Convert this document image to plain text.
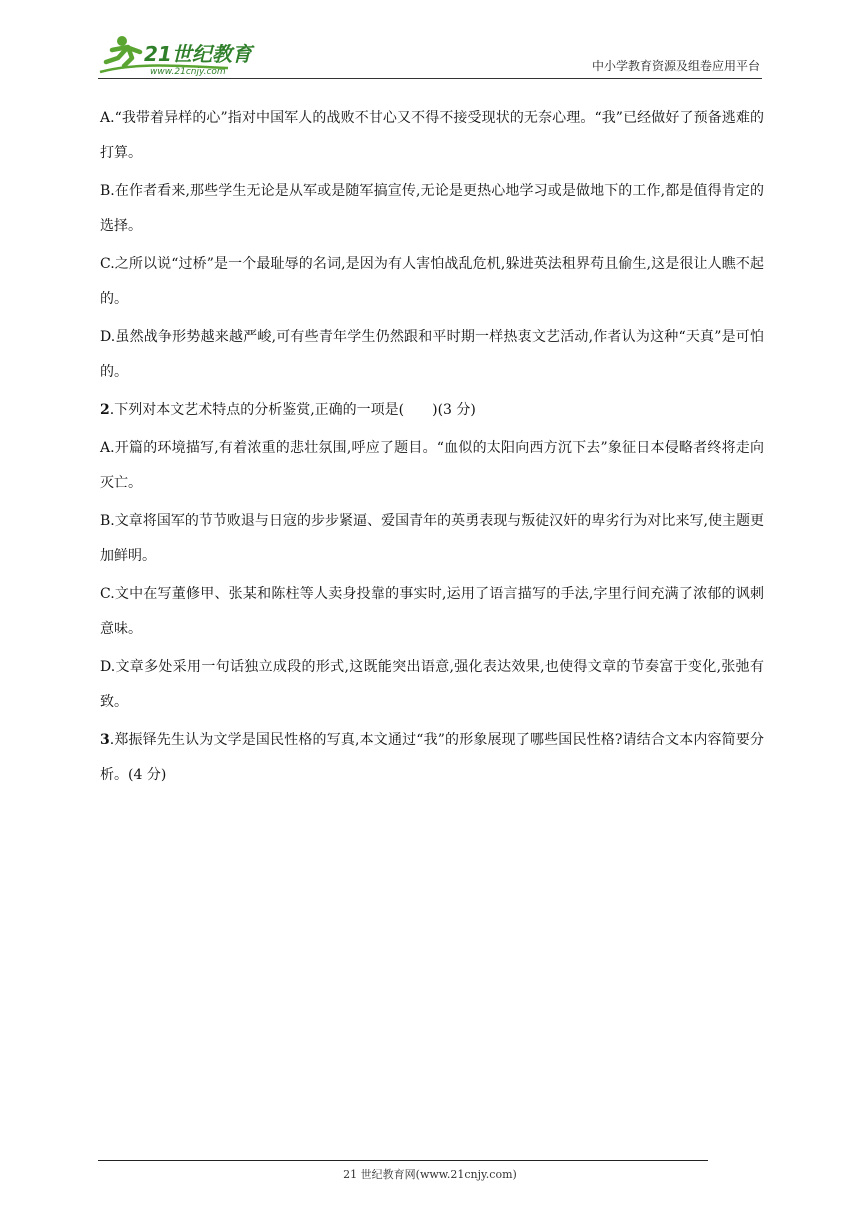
21世纪教育
www.21cnjy.com	中小学教育资源及组卷应用平台

A.“我带着异样的心”指对中国军人的战败不甘心又不得不接受现状的无奈心理。“我”已经做好了预备逃难的打算。

B.在作者看来,那些学生无论是从军或是随军搞宣传,无论是更热心地学习或是做地下的工作,都是值得肯定的选择。

C.之所以说“过桥”是一个最耻辱的名词,是因为有人害怕战乱危机,躲进英法租界苟且偷生,这是很让人瞧不起的。

D.虽然战争形势越来越严峻,可有些青年学生仍然跟和平时期一样热衷文艺活动,作者认为这种“天真”是可怕的。

2.下列对本文艺术特点的分析鉴赏,正确的一项是(　　)(3 分)

A.开篇的环境描写,有着浓重的悲壮氛围,呼应了题目。“血似的太阳向西方沉下去”象征日本侵略者终将走向灭亡。

B.文章将国军的节节败退与日寇的步步紧逼、爱国青年的英勇表现与叛徒汉奸的卑劣行为对比来写,使主题更加鲜明。

C.文中在写董修甲、张某和陈柱等人卖身投靠的事实时,运用了语言描写的手法,字里行间充满了浓郁的讽刺意味。

D.文章多处采用一句话独立成段的形式,这既能突出语意,强化表达效果,也使得文章的节奏富于变化,张弛有致。

3.郑振铎先生认为文学是国民性格的写真,本文通过“我”的形象展现了哪些国民性格?请结合文本内容简要分析。(4 分)

21 世纪教育网(www.21cnjy.com)
